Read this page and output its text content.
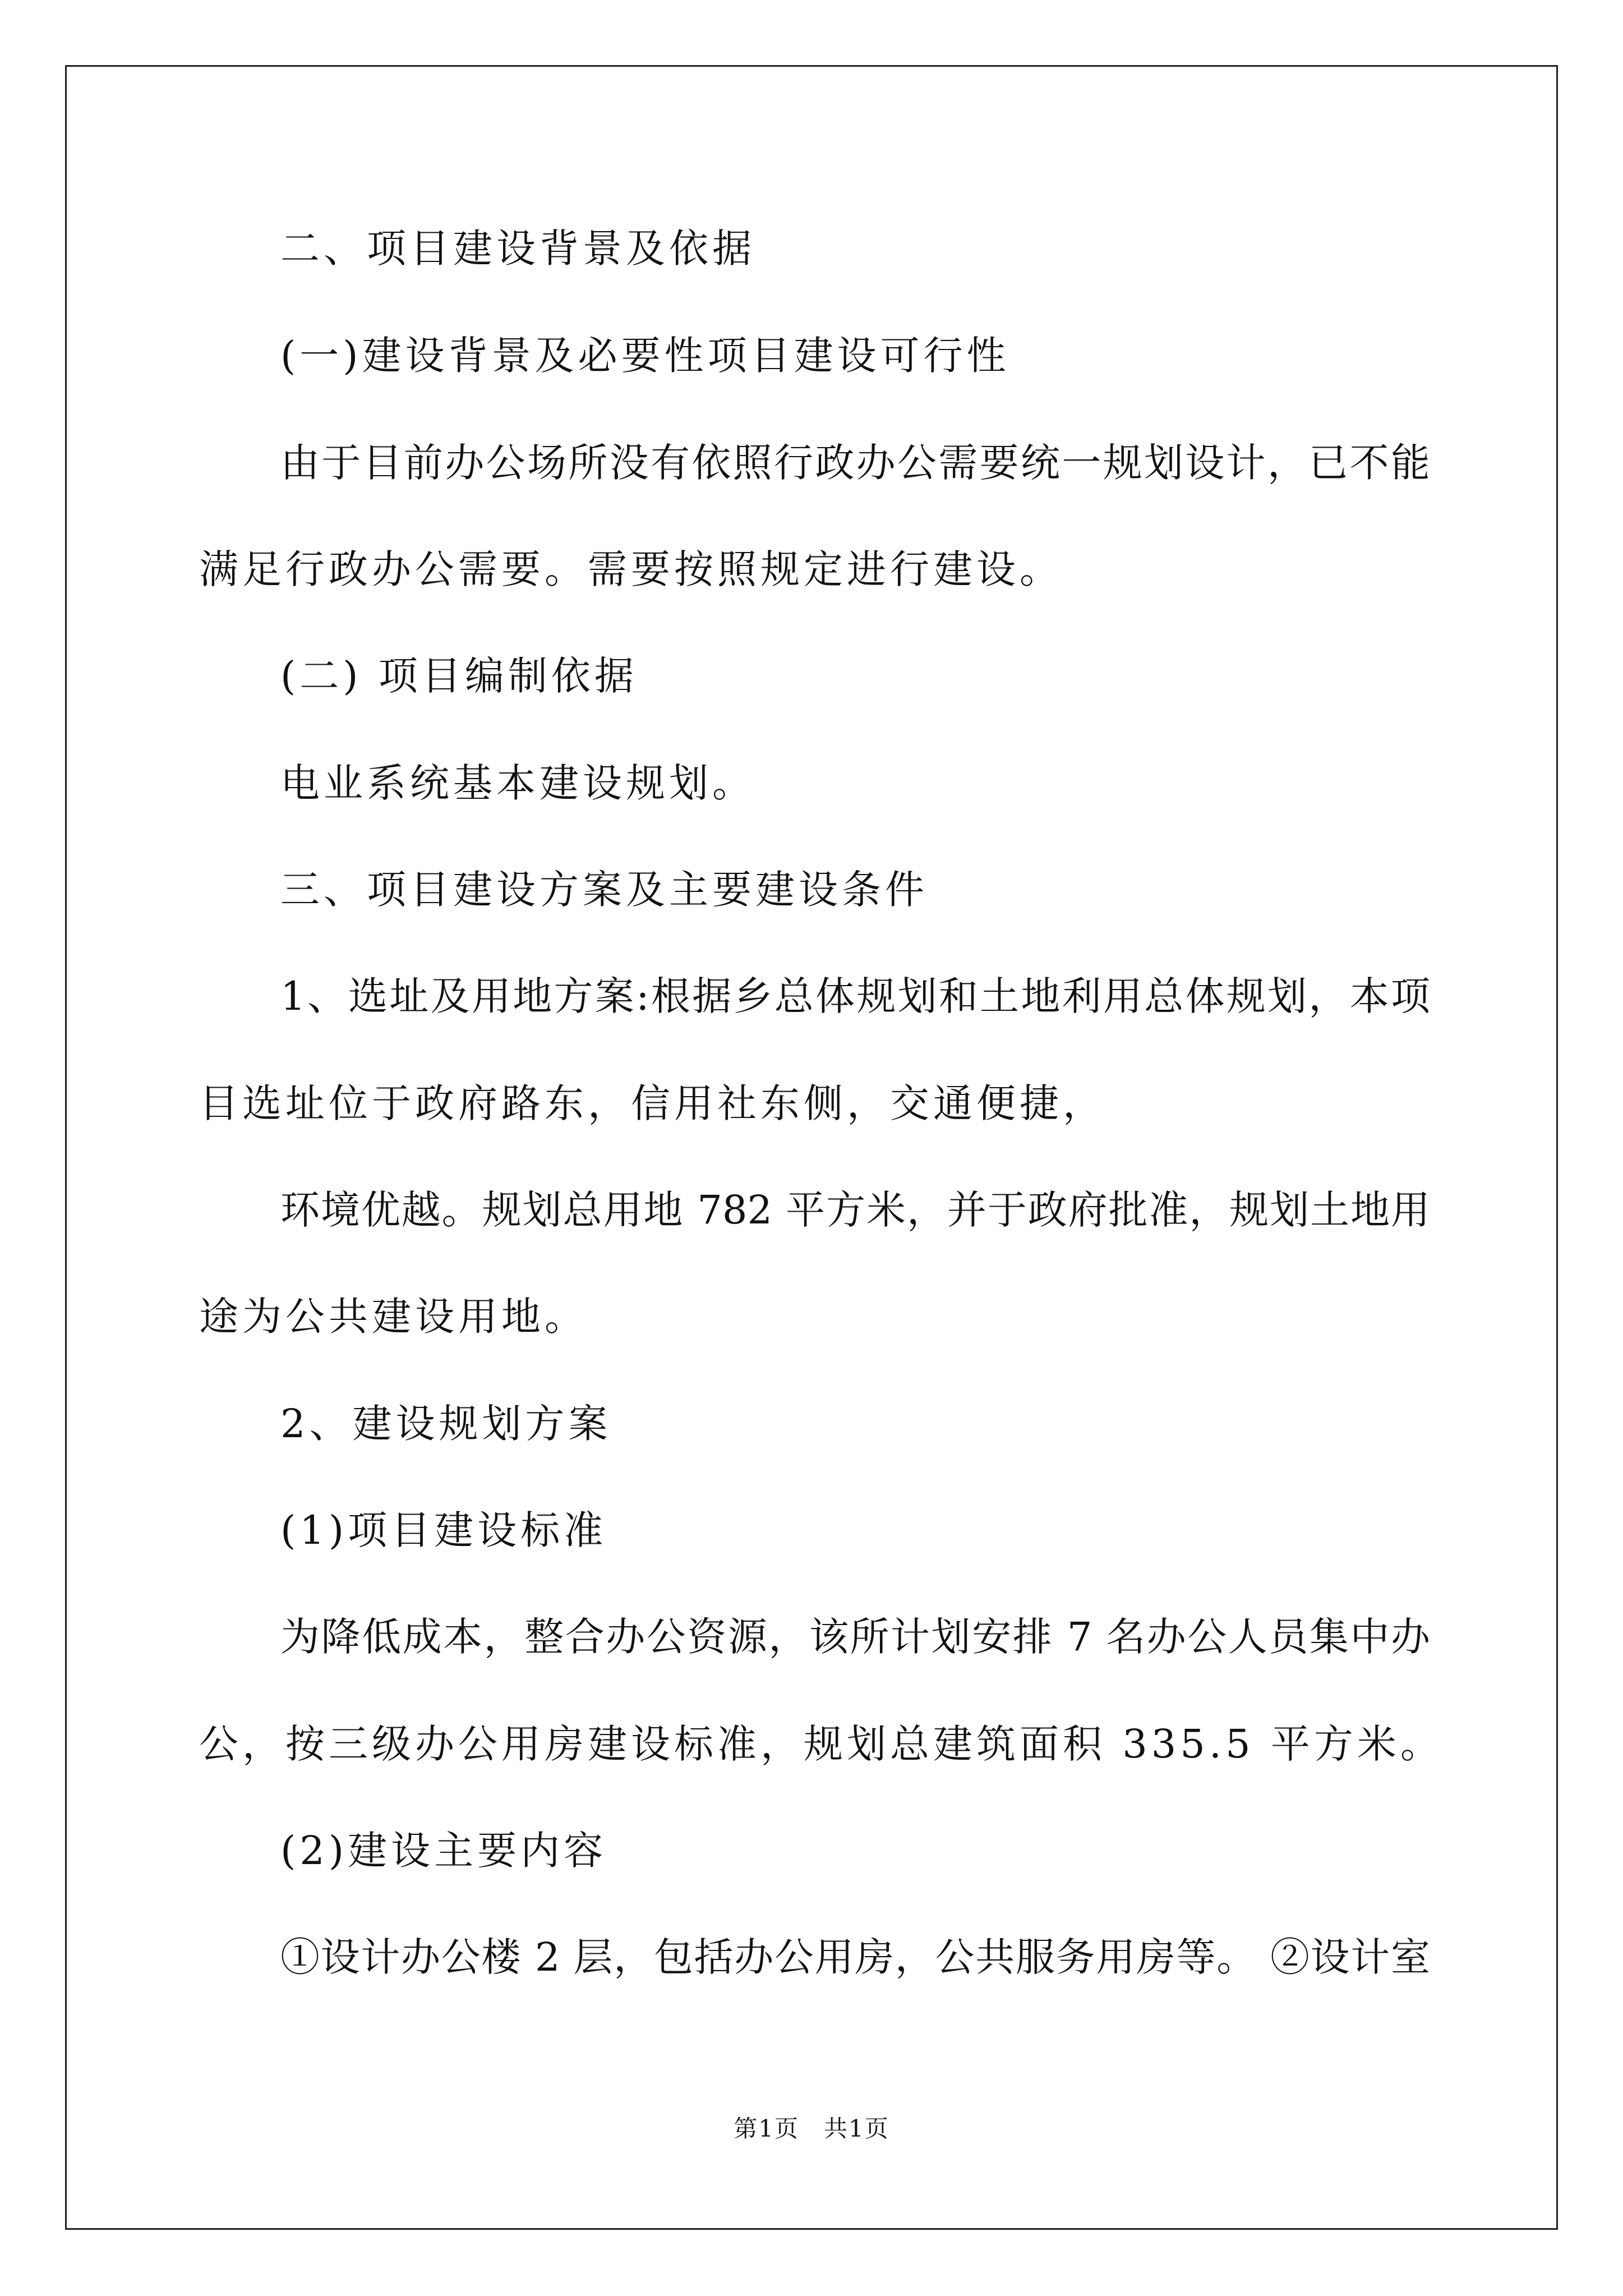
二、项目建设背景及依据

(一)建设背景及必要性项目建设可行性

由于目前办公场所没有依照行政办公需要统一规划设计，已不能

满足行政办公需要。需要按照规定进行建设。

(二) 项目编制依据

电业系统基本建设规划。

三、项目建设方案及主要建设条件

1、选址及用地方案:根据乡总体规划和土地利用总体规划，本项

目选址位于政府路东，信用社东侧，交通便捷，

环境优越。规划总用地 782 平方米，并于政府批准，规划土地用

途为公共建设用地。

2、建设规划方案

(1)项目建设标准

为降低成本，整合办公资源，该所计划安排 7 名办公人员集中办

公，按三级办公用房建设标准，规划总建筑面积 335.5 平方米。

(2)建设主要内容

①设计办公楼 2 层，包括办公用房，公共服务用房等。 ②设计室

第1页　共1页
